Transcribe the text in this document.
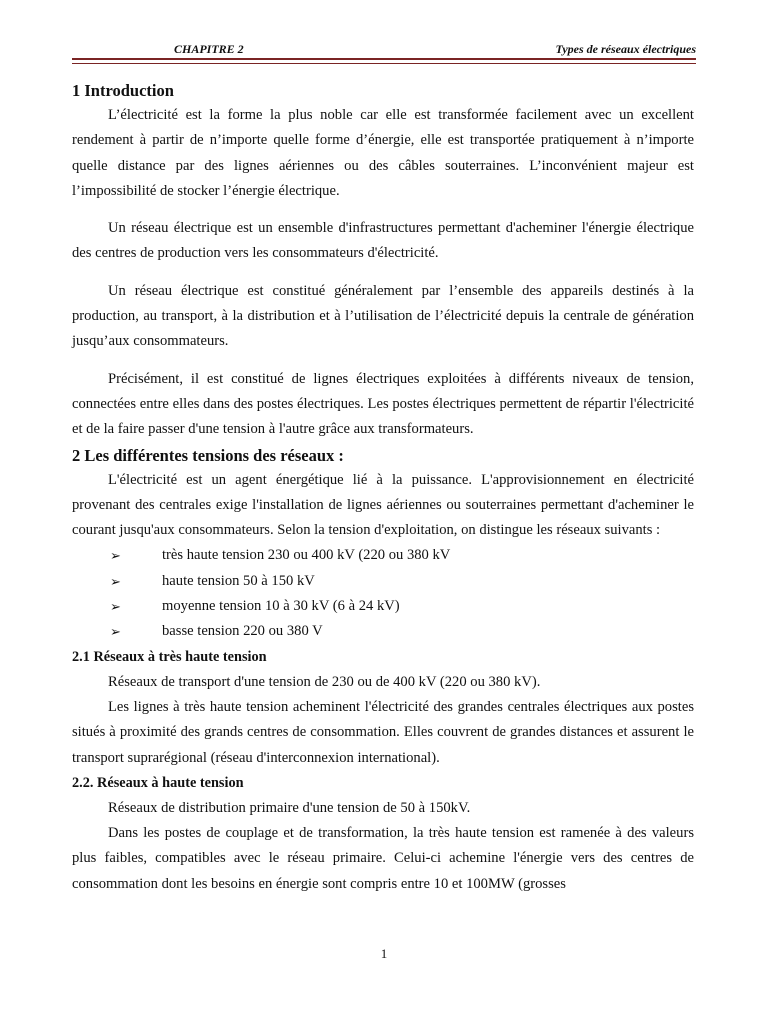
CHAPITRE 2	Types de réseaux électriques
1 Introduction

L’électricité est la forme la plus noble car elle est transformée facilement avec un excellent rendement à partir de n’importe quelle forme d’énergie, elle est transportée pratiquement à n’importe quelle distance par des lignes aériennes ou des câbles souterraines. L’inconvénient majeur est l’impossibilité de stocker l’énergie électrique.

Un réseau électrique est un ensemble d'infrastructures permettant d'acheminer l'énergie électrique des centres de production vers les consommateurs d'électricité.

Un réseau électrique est constitué généralement par l’ensemble des appareils destinés à la production, au transport, à la distribution et à l’utilisation de l’électricité depuis la centrale de génération jusqu’aux consommateurs.

Précisément, il est constitué de lignes électriques exploitées à différents niveaux de tension, connectées entre elles dans des postes électriques. Les postes électriques permettent de répartir l'électricité et de la faire passer d'une tension à l'autre grâce aux transformateurs.

2 Les différentes tensions des réseaux :

L'électricité est un agent énergétique lié à la puissance. L'approvisionnement en électricité provenant des centrales exige l'installation de lignes aériennes ou souterraines permettant d'acheminer le courant jusqu'aux consommateurs. Selon la tension d'exploitation, on distingue les réseaux suivants :

➢	très haute tension 230 ou 400 kV (220 ou 380 kV
➢	haute tension 50 à 150 kV
➢	moyenne tension 10 à 30 kV (6 à 24 kV)
➢	basse tension 220 ou 380 V
2.1 Réseaux à très haute tension

Réseaux de transport d'une tension de 230 ou de 400 kV (220 ou 380 kV).

Les lignes à très haute tension acheminent l'électricité des grandes centrales électriques aux postes situés à proximité des grands centres de consommation. Elles couvrent de grandes distances et assurent le transport suprarégional (réseau d'interconnexion international).

2.2. Réseaux à haute tension

Réseaux de distribution primaire d'une tension de 50 à 150kV.

Dans les postes de couplage et de transformation, la très haute tension est ramenée à des valeurs plus faibles, compatibles avec le réseau primaire. Celui-ci achemine l'énergie vers des centres de consommation dont les besoins en énergie sont compris entre 10 et 100MW (grosses

1
